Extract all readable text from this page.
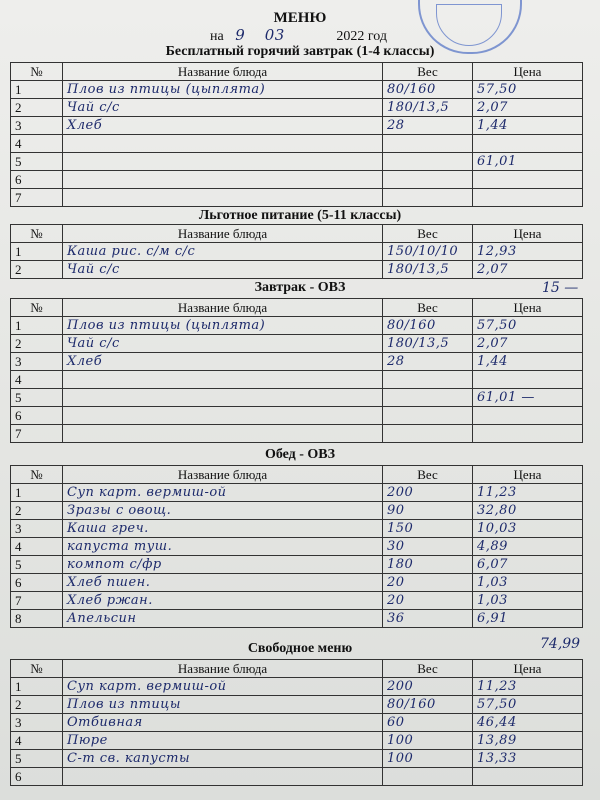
МЕНЮ
на 9 03	2022 год
Бесплатный горячий завтрак (1-4 классы)
№	Название блюда	Вес	Цена
1	Плов из птицы (цыплята)	80/160	57,50
2	Чай с/с	180/13,5	2,07
3	Хлеб	28	1,44
4			
5			61,01
6			
7			
Льготное питание (5-11 классы)
№	Название блюда	Вес	Цена
1	Каша рис. с/м с/с	150/10/10	12,93
2	Чай с/с	180/13,5	2,07
15 —
Завтрак - ОВЗ
№	Название блюда	Вес	Цена
1	Плов из птицы (цыплята)	80/160	57,50
2	Чай с/с	180/13,5	2,07
3	Хлеб	28	1,44
4			
5			61,01 —
6			
7			
Обед - ОВЗ
№	Название блюда	Вес	Цена
1	Суп карт. вермиш-ой	200	11,23
2	Зразы с овощ.	90	32,80
3	Каша греч.	150	10,03
4	капуста туш.	30	4,89
5	компот с/фр	180	6,07
6	Хлеб пшен.	20	1,03
7	Хлеб ржан.	20	1,03
8	Апельсин	36	6,91
74,99
Свободное меню
№	Название блюда	Вес	Цена
1	Суп карт. вермиш-ой	200	11,23
2	Плов из птицы	80/160	57,50
3	Отбивная	60	46,44
4	Пюре	100	13,89
5	С-т св. капусты	100	13,33
6			
